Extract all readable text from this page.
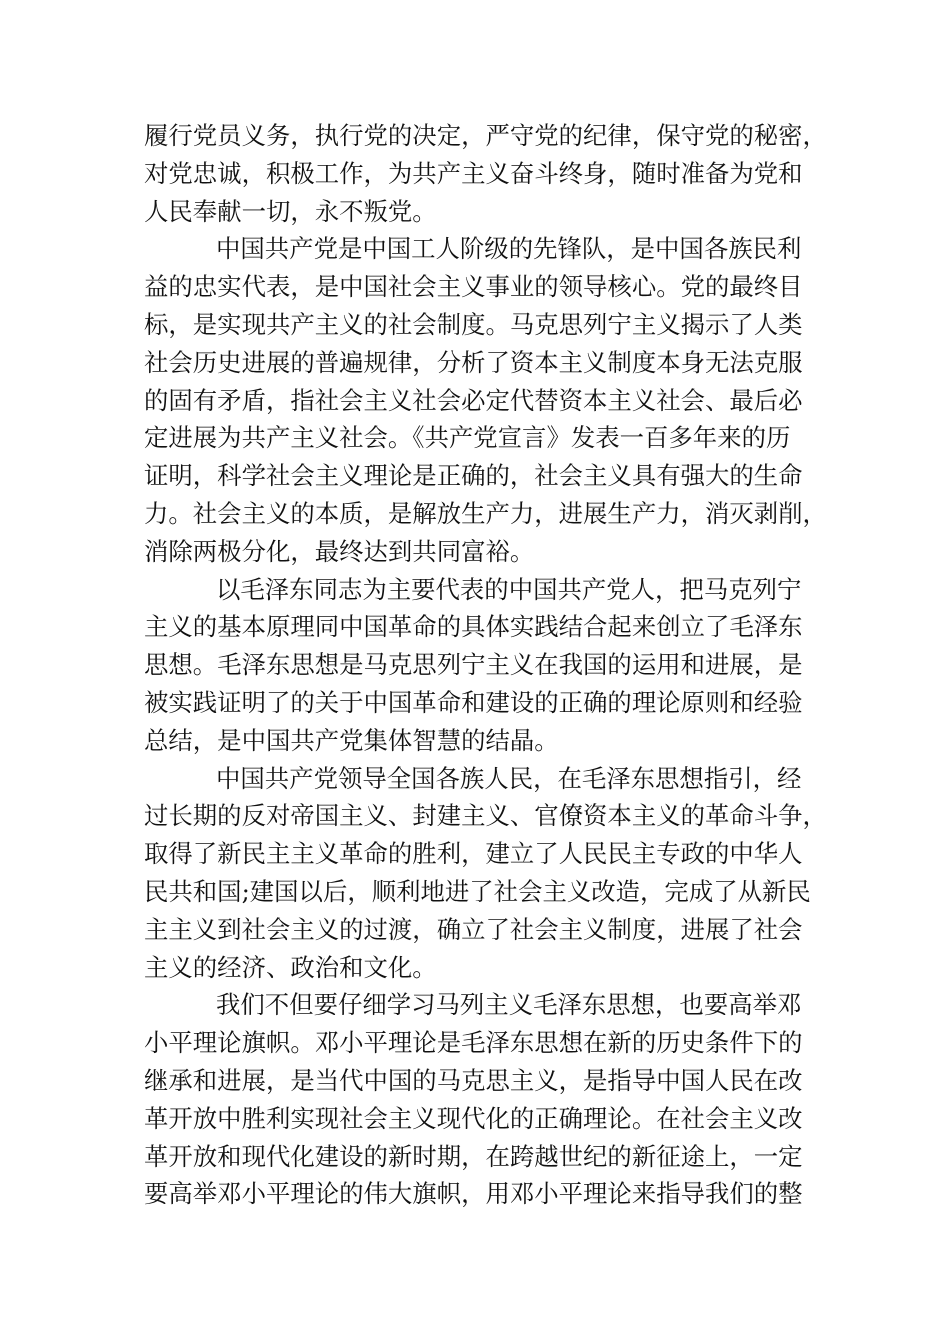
履行党员义务，执行党的决定，严守党的纪律，保守党的秘密，
对党忠诚，积极工作，为共产主义奋斗终身，随时准备为党和
人民奉献一切，永不叛党。
中国共产党是中国工人阶级的先锋队，是中国各族民利
益的忠实代表，是中国社会主义事业的领导核心。党的最终目
标，是实现共产主义的社会制度。马克思列宁主义揭示了人类
社会历史进展的普遍规律，分析了资本主义制度本身无法克服
的固有矛盾，指社会主义社会必定代替资本主义社会、最后必
定进展为共产主义社会。《共产党宣言》发表一百多年来的历
证明，科学社会主义理论是正确的，社会主义具有强大的生命
力。社会主义的本质，是解放生产力，进展生产力，消灭剥削，
消除两极分化，最终达到共同富裕。
以毛泽东同志为主要代表的中国共产党人，把马克列宁
主义的基本原理同中国革命的具体实践结合起来创立了毛泽东
思想。毛泽东思想是马克思列宁主义在我国的运用和进展，是
被实践证明了的关于中国革命和建设的正确的理论原则和经验
总结，是中国共产党集体智慧的结晶。
中国共产党领导全国各族人民，在毛泽东思想指引，经
过长期的反对帝国主义、封建主义、官僚资本主义的革命斗争，
取得了新民主主义革命的胜利，建立了人民民主专政的中华人
民共和国;建国以后，顺利地进了社会主义改造，完成了从新民
主主义到社会主义的过渡，确立了社会主义制度，进展了社会
主义的经济、政治和文化。
我们不但要仔细学习马列主义毛泽东思想，也要高举邓
小平理论旗帜。邓小平理论是毛泽东思想在新的历史条件下的
继承和进展，是当代中国的马克思主义，是指导中国人民在改
革开放中胜利实现社会主义现代化的正确理论。在社会主义改
革开放和现代化建设的新时期，在跨越世纪的新征途上，一定
要高举邓小平理论的伟大旗帜，用邓小平理论来指导我们的整
